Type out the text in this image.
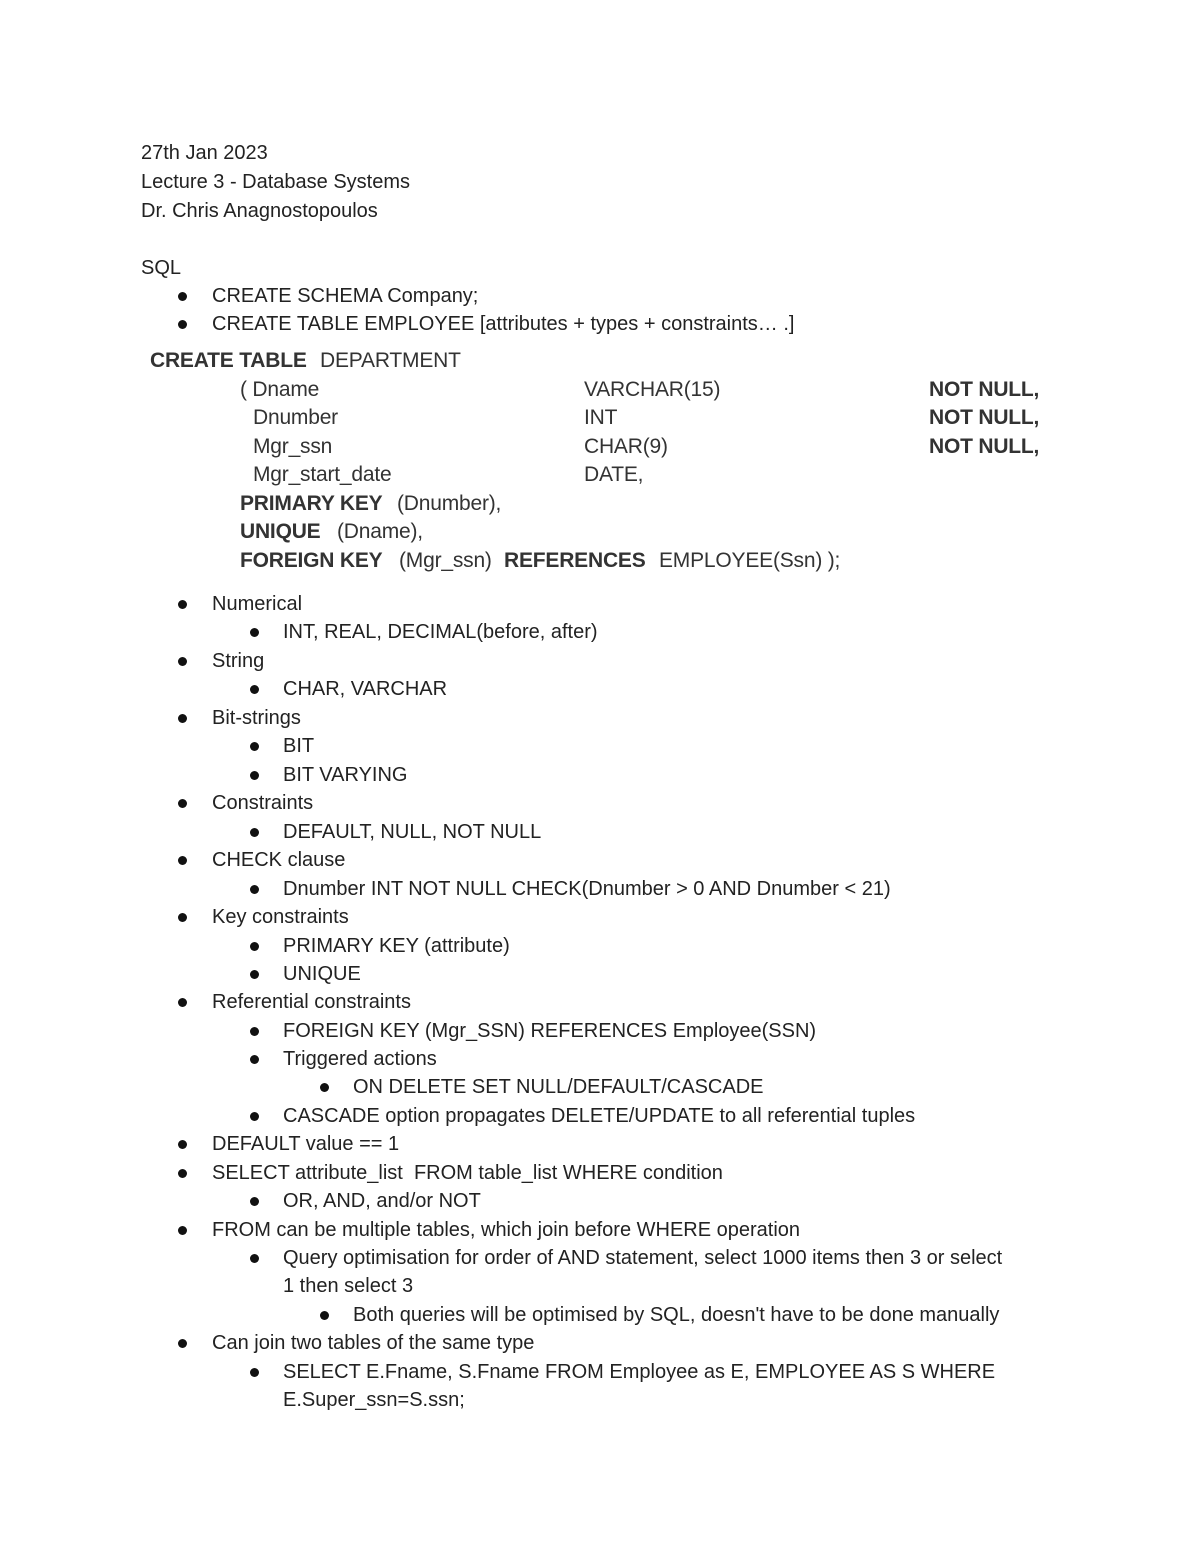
27th Jan 2023
Lecture 3 - Database Systems
Dr. Chris Anagnostopoulos
SQL
CREATE SCHEMA Company;
CREATE TABLE EMPLOYEE [attributes + types + constraints… .]
CREATE TABLE DEPARTMENT
( Dname	VARCHAR(15)	NOT NULL,
Dnumber	INT	NOT NULL,
Mgr_ssn	CHAR(9)	NOT NULL,
Mgr_start_date	DATE,
PRIMARY KEY (Dnumber),
UNIQUE (Dname),
FOREIGN KEY (Mgr_ssn) REFERENCES EMPLOYEE(Ssn) );
Numerical
INT, REAL, DECIMAL(before, after)
String
CHAR, VARCHAR
Bit-strings
BIT
BIT VARYING
Constraints
DEFAULT, NULL, NOT NULL
CHECK clause
Dnumber INT NOT NULL CHECK(Dnumber > 0 AND Dnumber < 21)
Key constraints
PRIMARY KEY (attribute)
UNIQUE
Referential constraints
FOREIGN KEY (Mgr_SSN) REFERENCES Employee(SSN)
Triggered actions
ON DELETE SET NULL/DEFAULT/CASCADE
CASCADE option propagates DELETE/UPDATE to all referential tuples
DEFAULT value == 1
SELECT attribute_list  FROM table_list WHERE condition
OR, AND, and/or NOT
FROM can be multiple tables, which join before WHERE operation
Query optimisation for order of AND statement, select 1000 items then 3 or select
1 then select 3
Both queries will be optimised by SQL, doesn't have to be done manually
Can join two tables of the same type
SELECT E.Fname, S.Fname FROM Employee as E, EMPLOYEE AS S WHERE
E.Super_ssn=S.ssn;
